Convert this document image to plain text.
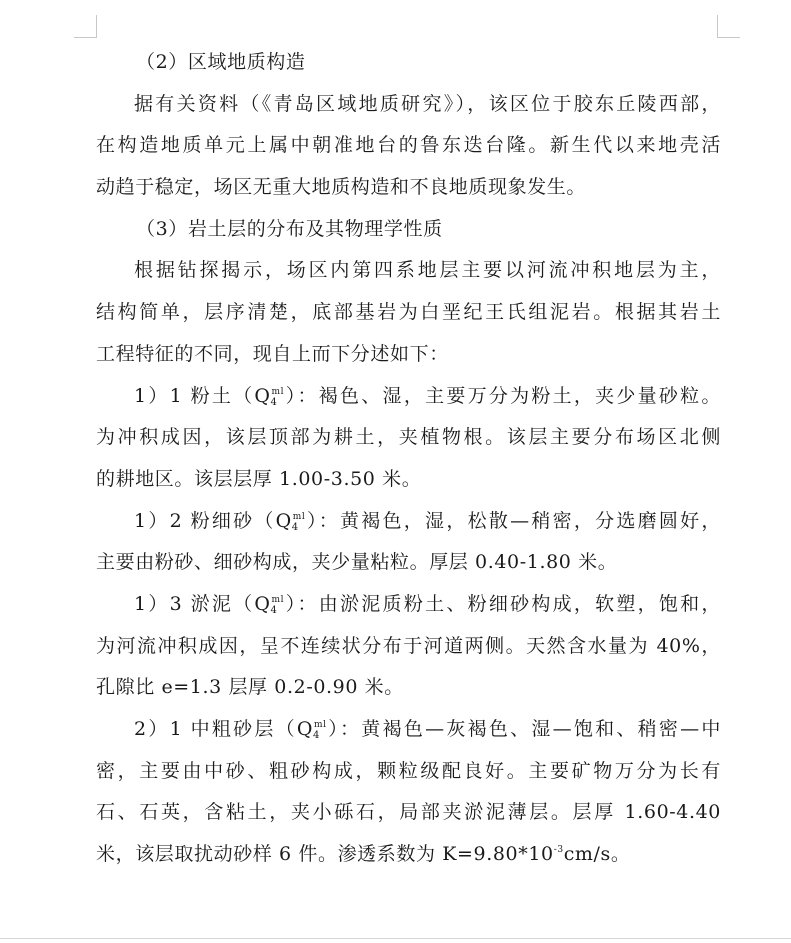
（2）区域地质构造
据有关资料（《青岛区域地质研究》），该区位于胶东丘陵西部，
在构造地质单元上属中朝准地台的鲁东迭台隆。新生代以来地壳活
动趋于稳定，场区无重大地质构造和不良地质现象发生。
（3）岩土层的分布及其物理学性质
根据钻探揭示，场区内第四系地层主要以河流冲积地层为主，
结构简单，层序清楚，底部基岩为白垩纪王氏组泥岩。根据其岩土
工程特征的不同，现自上而下分述如下：
1）1 粉土$(Q_4^{ml})$：褐色、湿，主要万分为粉土，夹少量砂粒。
为冲积成因，该层顶部为耕土，夹植物根。该层主要分布场区北侧
的耕地区。该层层厚 1.00-3.50 米。
1）2 粉细砂$(Q_4^{ml})$：黄褐色，湿，松散—稍密，分选磨圆好，
主要由粉砂、细砂构成，夹少量粘粒。厚层 0.40-1.80 米。
1）3 淤泥$(Q_4^{ml})$：由淤泥质粉土、粉细砂构成，软塑，饱和，
为河流冲积成因，呈不连续状分布于河道两侧。天然含水量为 40%，
孔隙比 e=1.3 层厚 0.2-0.90 米。
2）1 中粗砂层$(Q_4^{ml})$：黄褐色—灰褐色、湿—饱和、稍密—中
密，主要由中砂、粗砂构成，颗粒级配良好。主要矿物万分为长有
石、石英，含粘土，夹小砾石，局部夹淤泥薄层。层厚 1.60-4.40
米，该层取扰动砂样 6 件。渗透系数为 $K=9.80*10^{-3}cm/s$。
